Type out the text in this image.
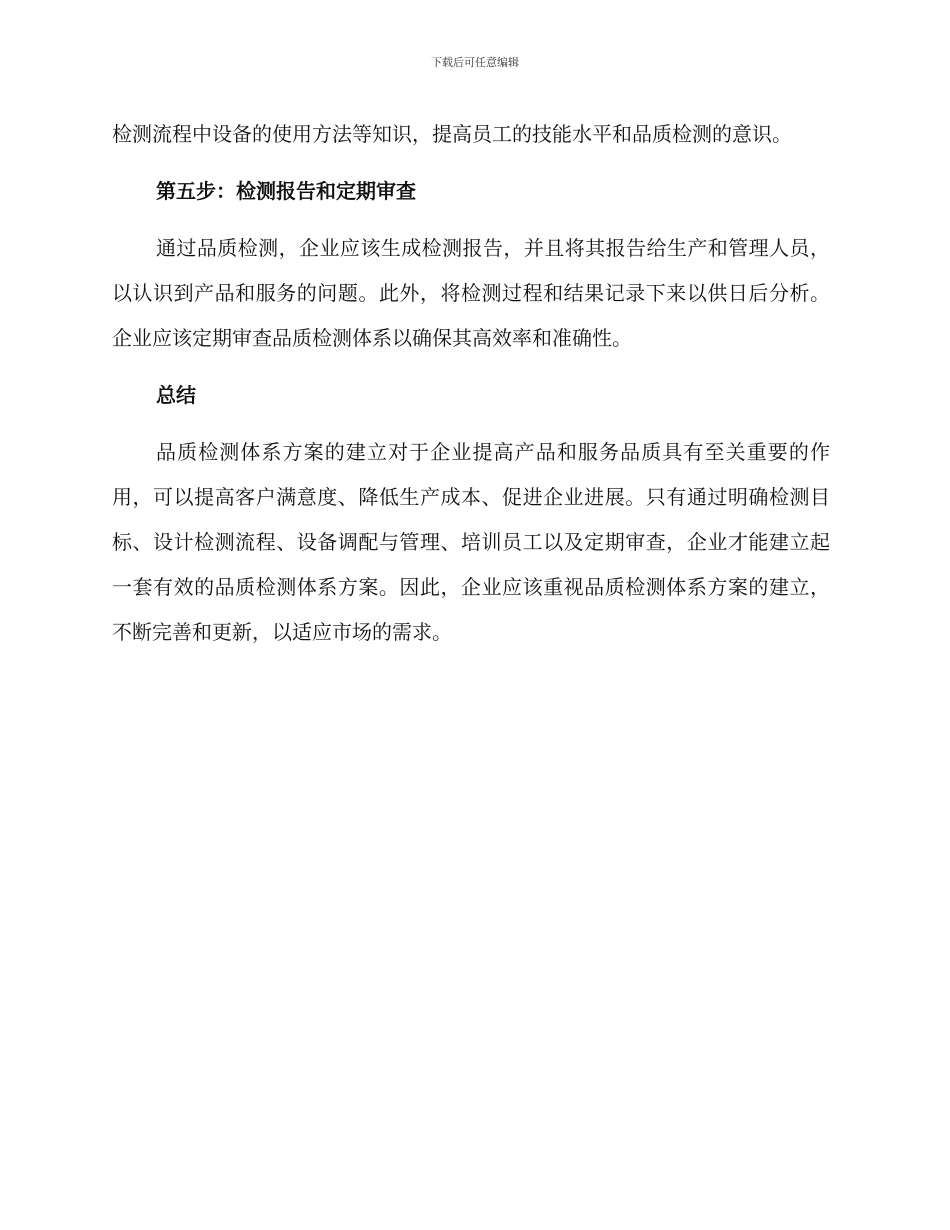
下载后可任意编辑

检测流程中设备的使用方法等知识，提高员工的技能水平和品质检测的意识。

第五步：检测报告和定期审查

通过品质检测，企业应该生成检测报告，并且将其报告给生产和管理人员，以认识到产品和服务的问题。此外，将检测过程和结果记录下来以供日后分析。企业应该定期审查品质检测体系以确保其高效率和准确性。

总结

品质检测体系方案的建立对于企业提高产品和服务品质具有至关重要的作用，可以提高客户满意度、降低生产成本、促进企业进展。只有通过明确检测目标、设计检测流程、设备调配与管理、培训员工以及定期审查，企业才能建立起一套有效的品质检测体系方案。因此，企业应该重视品质检测体系方案的建立，不断完善和更新，以适应市场的需求。
